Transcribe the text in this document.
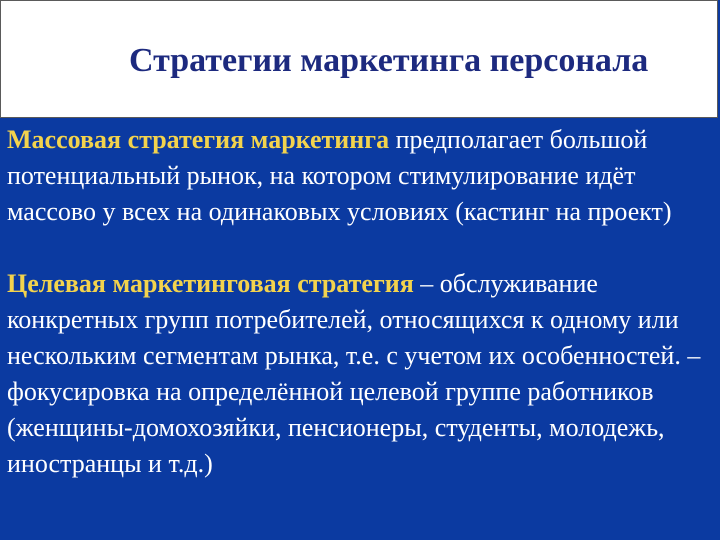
Стратегии маркетинга персонала

Массовая стратегия маркетинга предполагает большой потенциальный рынок, на котором стимулирование идёт массово у всех на одинаковых условиях (кастинг на проект)

Целевая маркетинговая стратегия – обслуживание конкретных групп потребителей, относящихся к одному или нескольким сегментам рынка, т.е. с учетом их особенностей. – фокусировка на определённой целевой группе работников (женщины-домохозяйки, пенсионеры, студенты, молодежь, иностранцы и т.д.)
